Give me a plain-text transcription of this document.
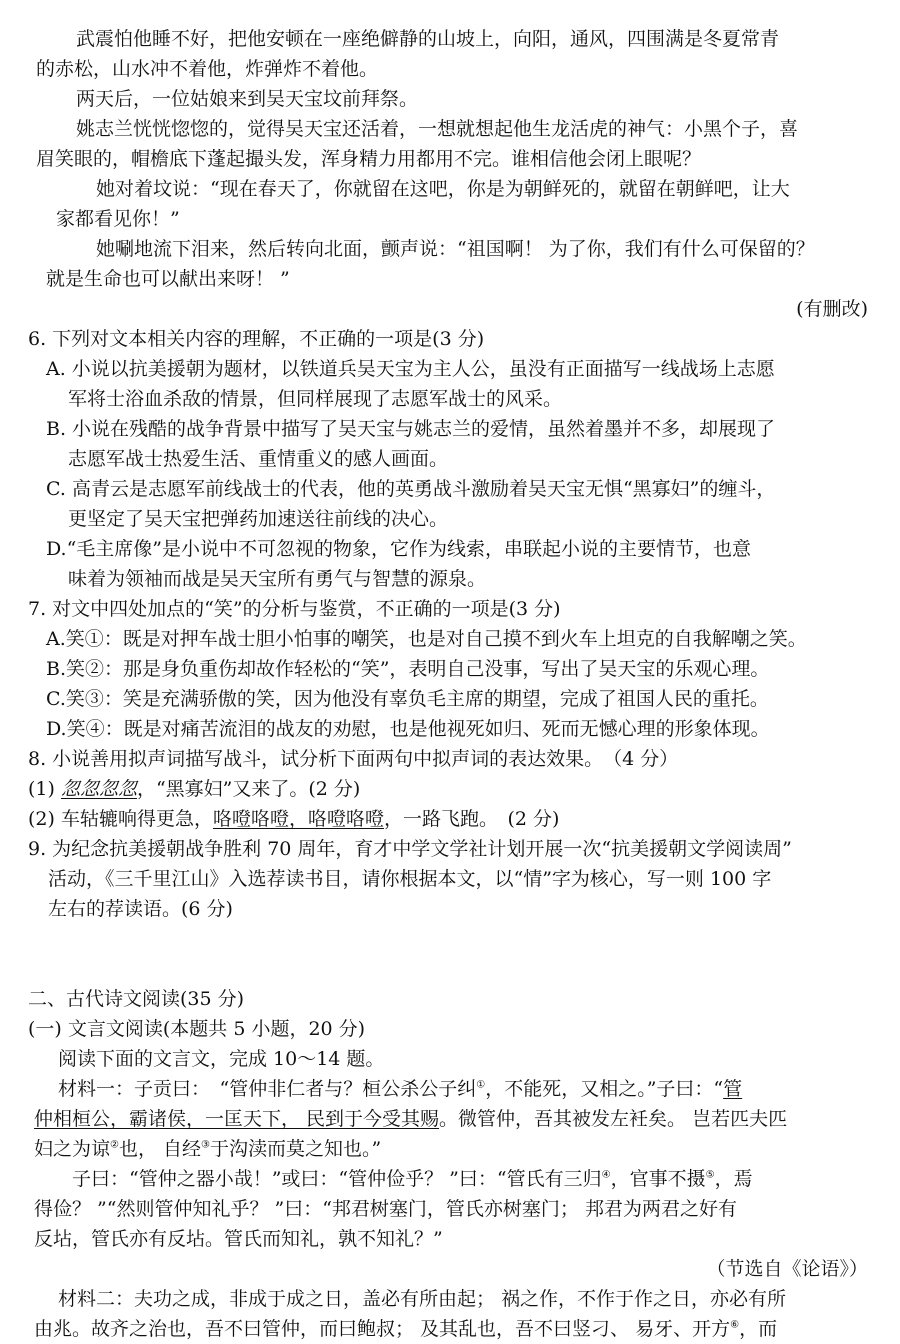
武震怕他睡不好，把他安顿在一座绝僻静的山坡上，向阳，通风，四围满是冬夏常青

的赤松，山水冲不着他，炸弹炸不着他。

两天后，一位姑娘来到吴天宝坟前拜祭。

姚志兰恍恍惚惚的，觉得吴天宝还活着，一想就想起他生龙活虎的神气：小黑个子，喜

眉笑眼的，帽檐底下蓬起撮头发，浑身精力用都用不完。谁相信他会闭上眼呢？

她对着坟说：“现在春天了，你就留在这吧，你是为朝鲜死的，就留在朝鲜吧，让大

家都看见你！”

她唰地流下泪来，然后转向北面，颤声说：“祖国啊！ 为了你，我们有什么可保留的？

就是生命也可以献出来呀！ ”

(有删改)

6. 下列对文本相关内容的理解，不正确的一项是(3 分)

A. 小说以抗美援朝为题材，以铁道兵吴天宝为主人公，虽没有正面描写一线战场上志愿
军将士浴血杀敌的情景，但同样展现了志愿军战士的风采。

B. 小说在残酷的战争背景中描写了吴天宝与姚志兰的爱情，虽然着墨并不多，却展现了
志愿军战士热爱生活、重情重义的感人画面。

C. 高青云是志愿军前线战士的代表，他的英勇战斗激励着吴天宝无惧“黑寡妇”的缠斗，
更坚定了吴天宝把弹药加速送往前线的决心。

D.“毛主席像”是小说中不可忽视的物象，它作为线索，串联起小说的主要情节，也意
味着为领袖而战是吴天宝所有勇气与智慧的源泉。

7. 对文中四处加点的“笑”的分析与鉴赏，不正确的一项是(3 分)

A.笑①：既是对押车战士胆小怕事的嘲笑，也是对自己摸不到火车上坦克的自我解嘲之笑。

B.笑②：那是身负重伤却故作轻松的“笑”，表明自己没事，写出了吴天宝的乐观心理。

C.笑③：笑是充满骄傲的笑，因为他没有辜负毛主席的期望，完成了祖国人民的重托。

D.笑④：既是对痛苦流泪的战友的劝慰，也是他视死如归、死而无憾心理的形象体现。

8. 小说善用拟声词描写战斗，试分析下面两句中拟声词的表达效果。　（4 分）

(1) 忽忽忽忽，“黑寡妇”又来了。(2 分)

(2) 车轱辘响得更急，咯噔咯噔，咯噔咯噔，一路飞跑。　(2 分)

9. 为纪念抗美援朝战争胜利 70 周年，育才中学文学社计划开展一次“抗美援朝文学阅读周”

活动，《三千里江山》入选荐读书目，请你根据本文，以“情”字为核心，写一则 100 字

左右的荐读语。(6 分)

二、古代诗文阅读(35 分)

(一) 文言文阅读(本题共 5 小题，20 分)

阅读下面的文言文，完成 10～14 题。

材料一：子贡曰：　“管仲非仁者与？桓公杀公子纠①，不能死，又相之。”子曰：“管

仲相桓公，霸诸侯，一匡天下， 民到于今受其赐。微管仲，吾其被发左衽矣。 岂若匹夫匹

妇之为谅②也， 自经③于沟渎而莫之知也。”

子曰：“管仲之器小哉！”或曰：“管仲俭乎？ ”曰：“管氏有三归④，官事不摄⑤，焉

得俭？ ”“然则管仲知礼乎？ ”曰：“邦君树塞门，管氏亦树塞门； 邦君为两君之好有

反坫，管氏亦有反坫。管氏而知礼，孰不知礼？”

（节选自《论语》）

材料二：夫功之成，非成于成之日，盖必有所由起； 祸之作，不作于作之日，亦必有所

由兆。故齐之治也，吾不曰管仲，而曰鲍叔； 及其乱也，吾不曰竖刁、 易牙、开方⑥，而
